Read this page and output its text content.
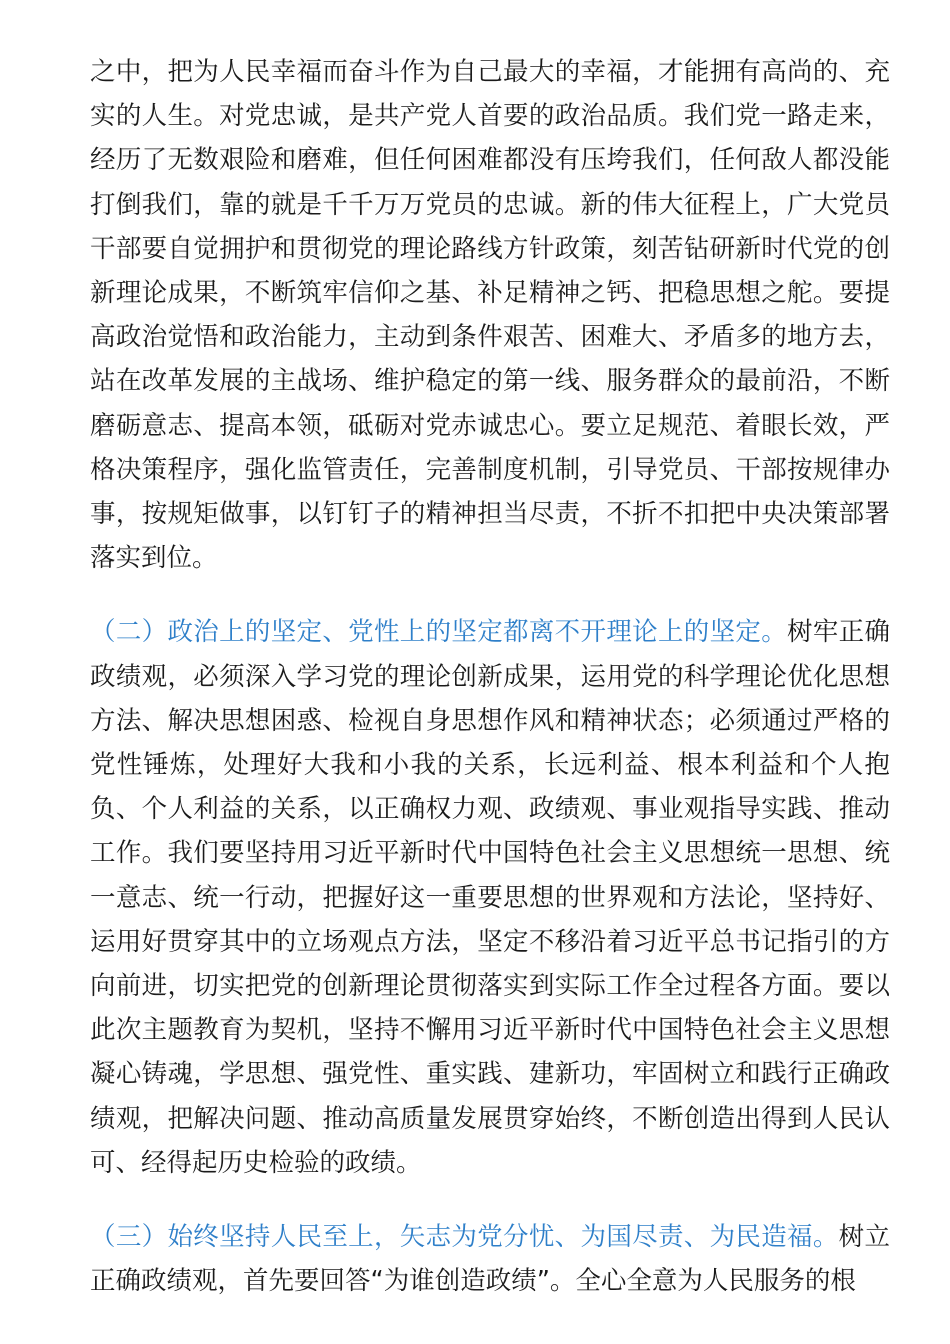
之中，把为人民幸福而奋斗作为自己最大的幸福，才能拥有高尚的、充实的人生。对党忠诚，是共产党人首要的政治品质。我们党一路走来，经历了无数艰险和磨难，但任何困难都没有压垮我们，任何敌人都没能打倒我们，靠的就是千千万万党员的忠诚。新的伟大征程上，广大党员干部要自觉拥护和贯彻党的理论路线方针政策，刻苦钻研新时代党的创新理论成果，不断筑牢信仰之基、补足精神之钙、把稳思想之舵。要提高政治觉悟和政治能力，主动到条件艰苦、困难大、矛盾多的地方去，站在改革发展的主战场、维护稳定的第一线、服务群众的最前沿，不断磨砺意志、提高本领，砥砺对党赤诚忠心。要立足规范、着眼长效，严格决策程序，强化监管责任，完善制度机制，引导党员、干部按规律办事，按规矩做事，以钉钉子的精神担当尽责，不折不扣把中央决策部署落实到位。

（二）政治上的坚定、党性上的坚定都离不开理论上的坚定。树牢正确政绩观，必须深入学习党的理论创新成果，运用党的科学理论优化思想方法、解决思想困惑、检视自身思想作风和精神状态；必须通过严格的党性锤炼，处理好大我和小我的关系，长远利益、根本利益和个人抱负、个人利益的关系，以正确权力观、政绩观、事业观指导实践、推动工作。我们要坚持用习近平新时代中国特色社会主义思想统一思想、统一意志、统一行动，把握好这一重要思想的世界观和方法论，坚持好、运用好贯穿其中的立场观点方法，坚定不移沿着习近平总书记指引的方向前进，切实把党的创新理论贯彻落实到实际工作全过程各方面。要以此次主题教育为契机，坚持不懈用习近平新时代中国特色社会主义思想凝心铸魂，学思想、强党性、重实践、建新功，牢固树立和践行正确政绩观，把解决问题、推动高质量发展贯穿始终，不断创造出得到人民认可、经得起历史检验的政绩。

（三）始终坚持人民至上，矢志为党分忧、为国尽责、为民造福。树立正确政绩观，首先要回答“为谁创造政绩”。全心全意为人民服务的根
